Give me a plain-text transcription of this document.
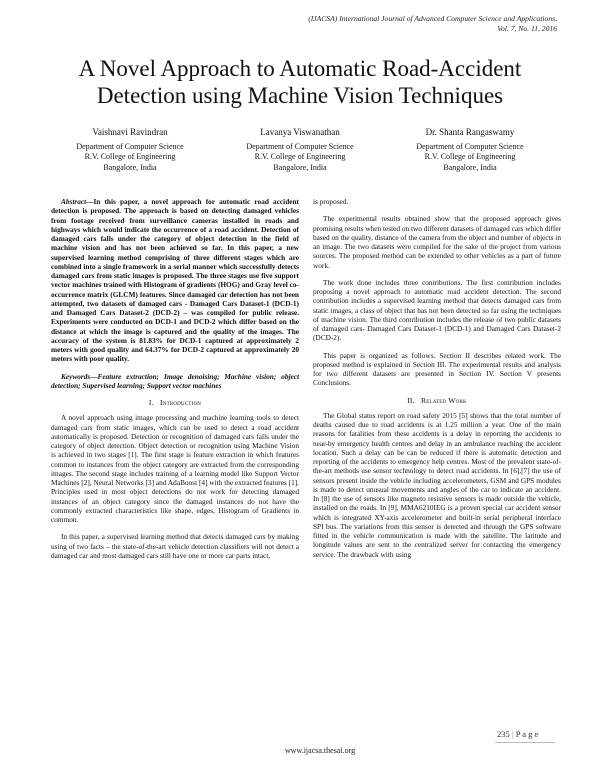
(IJACSA) International Journal of Advanced Computer Science and Applications,
Vol. 7, No. 11, 2016
A Novel Approach to Automatic Road-Accident
Detection using Machine Vision Techniques
Vaishnavi Ravindran
Department of Computer Science
R.V. College of Engineering
Bangalore, India
Lavanya Viswanathan
Department of Computer Science
R.V. College of Engineering
Bangalore, India
Dr. Shanta Rangaswamy
Department of Computer Science
R.V. College of Engineering
Bangalore, India

Abstract—In this paper, a novel approach for automatic road accident detection is proposed. The approach is based on detecting damaged vehicles from footage received from surveillance cameras installed in roads and highways which would indicate the occurrence of a road accident. Detection of damaged cars falls under the category of object detection in the field of machine vision and has not been achieved so far. In this paper, a new supervised learning method comprising of three different stages which are combined into a single framework in a serial manner which successfully detects damaged cars from static images is proposed. The three stages use five support vector machines trained with Histogram of gradients (HOG) and Gray level co-occurrence matrix (GLCM) features. Since damaged car detection has not been attempted, two datasets of damaged cars - Damaged Cars Dataset-1 (DCD-1) and Damaged Cars Dataset-2 (DCD-2) – was compiled for public release. Experiments were conducted on DCD-1 and DCD-2 which differ based on the distance at which the image is captured and the quality of the images. The accuracy of the system is 81.83% for DCD-1 captured at approximately 2 meters with good quality and 64.37% for DCD-2 captured at approximately 20 meters with poor quality.

Keywords—Feature extraction; Image denoising; Machine vision; object detection; Supervised learning; Support vector machines

I. Introduction

A novel approach using image processing and machine learning tools to detect damaged cars from static images, which can be used to detect a road accident automatically is proposed. Detection or recognition of damaged cars falls under the category of object detection. Object detection or recognition using Machine Vision is achieved in two stages [1]. The first stage is feature extraction in which features common to instances from the object category are extracted from the corresponding images. The second stage includes training of a learning model like Support Vector Machines [2], Neural Networks [3] and AdaBoost [4] with the extracted features [1]. Principles used in most object detections do not work for detecting damaged instances of an object category since the damaged instances do not have the commonly extracted characteristics like shape, edges, Histogram of Gradients in common.

In this paper, a supervised learning method that detects damaged cars by making using of two facts – the state-of-the-art vehicle detection classifiers will not detect a damaged car and most damaged cars still have one or more car parts intact,

is proposed.

The experimental results obtained show that the proposed approach gives promising results when tested on two different datasets of damaged cars which differ based on the quality, distance of the camera from the object and number of objects in an image. The two datasets were compiled for the sake of the project from various sources. The proposed method can be extended to other vehicles as a part of future work.

The work done includes three contributions. The first contribution includes proposing a novel approach to automatic road accident detection. The second contribution includes a supervised learning method that detects damaged cars from static images, a class of object that has not been detected so far using the techniques of machine vision. The third contribution includes the release of two public datasets of damaged cars- Damaged Cars Dataset-1 (DCD-1) and Damaged Cars Dataset-2 (DCD-2).

This paper is organized as follows. Section II describes related work. The proposed method is explained in Section III. The experimental results and analysis for two different datasets are presented in Section IV. Section V presents Conclusions.

II. Related Work

The Global status report on road safety 2015 [5] shows that the total number of deaths caused due to road accidents is at 1.25 million a year. One of the main reasons for fatalities from these accidents is a delay in reporting the accidents to near-by emergency health centres and delay in an ambulance reaching the accident location. Such a delay can be can be reduced if there is automatic detection and reporting of the accidents to emergency help centres. Most of the prevalent state-of-the-art methods use sensor technology to detect road accidents. In [6],[7] the use of sensors present inside the vehicle including accelerometers, GSM and GPS modules is made to detect unusual movements and angles of the car to indicate an accident. In [8] the use of sensors like magneto resistive sensors is made outside the vehicle, installed on the roads. In [9], MMA6210IEG is a proven special car accident sensor which is integrated XY-axis accelerometer and built-in serial peripheral interface SPI bus. The variations from this sensor is detected and through the GPS software fitted in the vehicle communication is made with the satellite. The latitude and longitude values are sent to the centralized server for contacting the emergency service. The drawback with using

235 | P a g e
www.ijacsa.thesai.org
